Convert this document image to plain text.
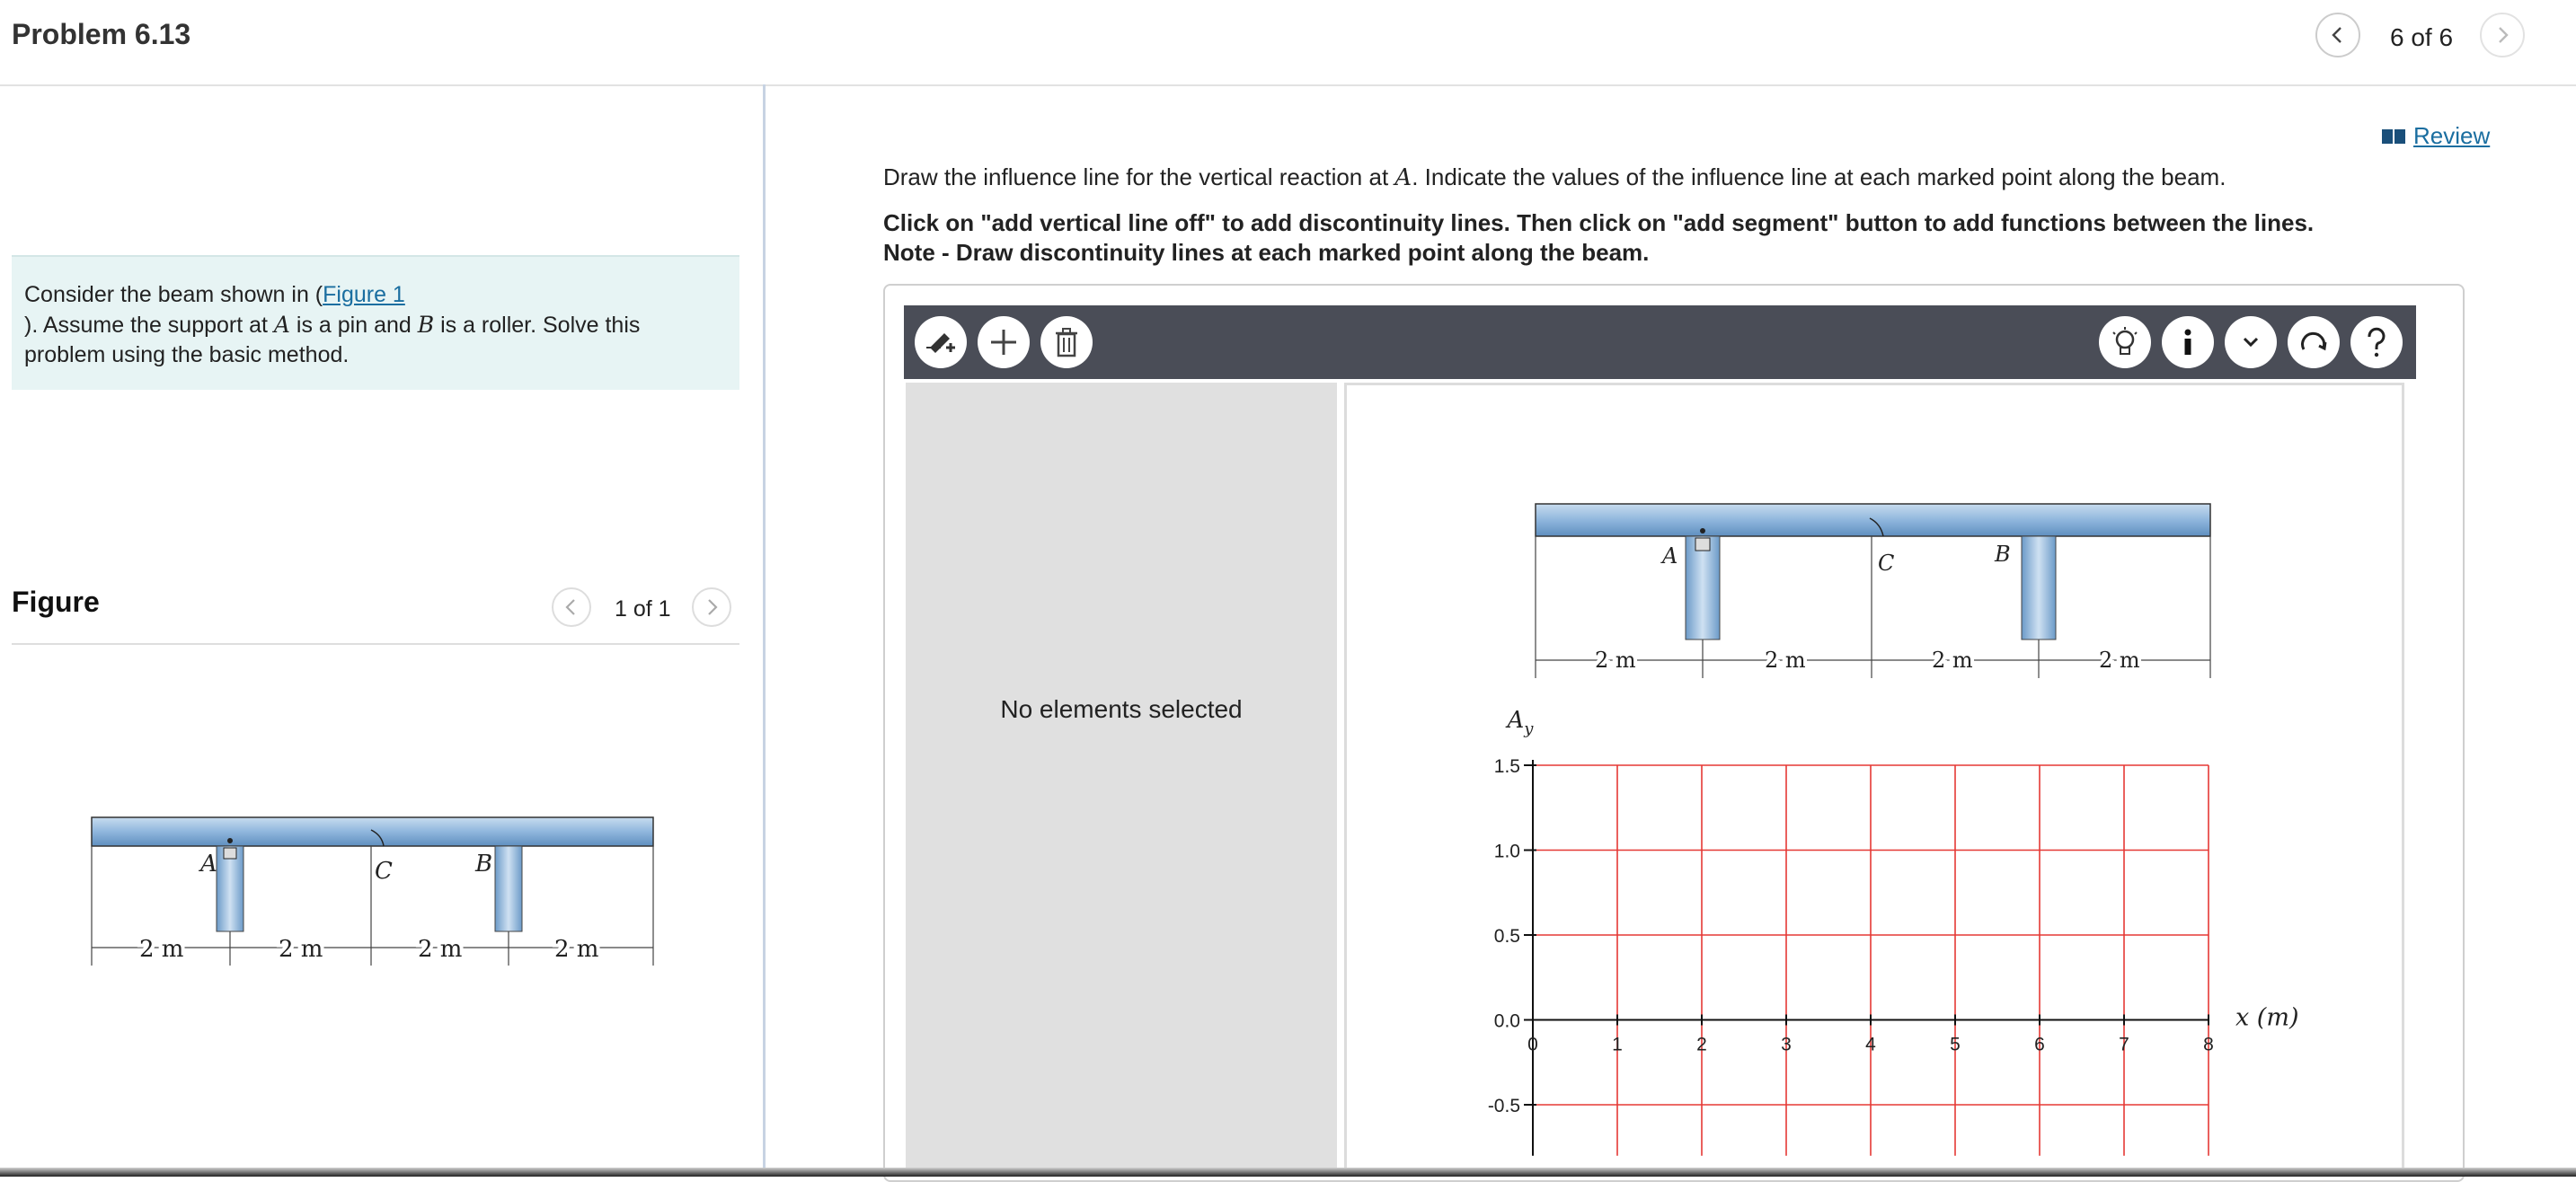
Problem 6.13	6 of 6
Consider the beam shown in (Figure 1
). Assume the support at A is a pin and B is a roller. Solve this problem using the basic method.
Figure	1 of 1
A	C	B
2 m	2 m	2 m	2 m
Review
Draw the influence line for the vertical reaction at A. Indicate the values of the influence line at each marked point along the beam.
Click on "add vertical line off" to add discontinuity lines. Then click on "add segment" button to add functions between the lines.
Note - Draw discontinuity lines at each marked point along the beam.
No elements selected
A	C	B
2 m	2 m	2 m	2 m
1.5
1.0
0.5
0.0
-0.5
0	1	2	3	4	5	6	7	8
$A_y$
x (m)
